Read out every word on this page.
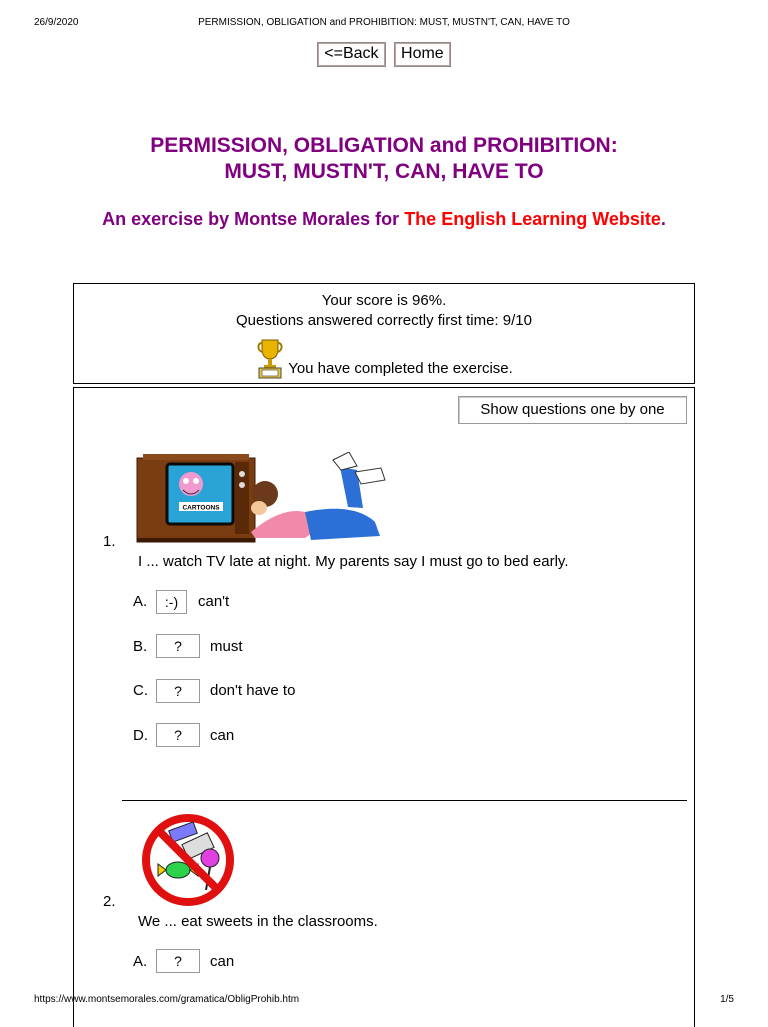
26/9/2020	PERMISSION, OBLIGATION and PROHIBITION: MUST, MUSTN'T, CAN, HAVE TO
<=Back Home
PERMISSION, OBLIGATION and PROHIBITION:
MUST, MUSTN'T, CAN, HAVE TO
An exercise by Montse Morales for The English Learning Website.
Your score is 96%.
Questions answered correctly first time: 9/10
You have completed the exercise.
Show questions one by one
CARTOONS
1.
I ... watch TV late at night. My parents say I must go to bed early.
A.	:-)	can't
B.	?	must
C.	?	don't have to
D.	?	can
2.
We ... eat sweets in the classrooms.
A.	?	can
https://www.montsemorales.com/gramatica/ObligProhib.htm	1/5
